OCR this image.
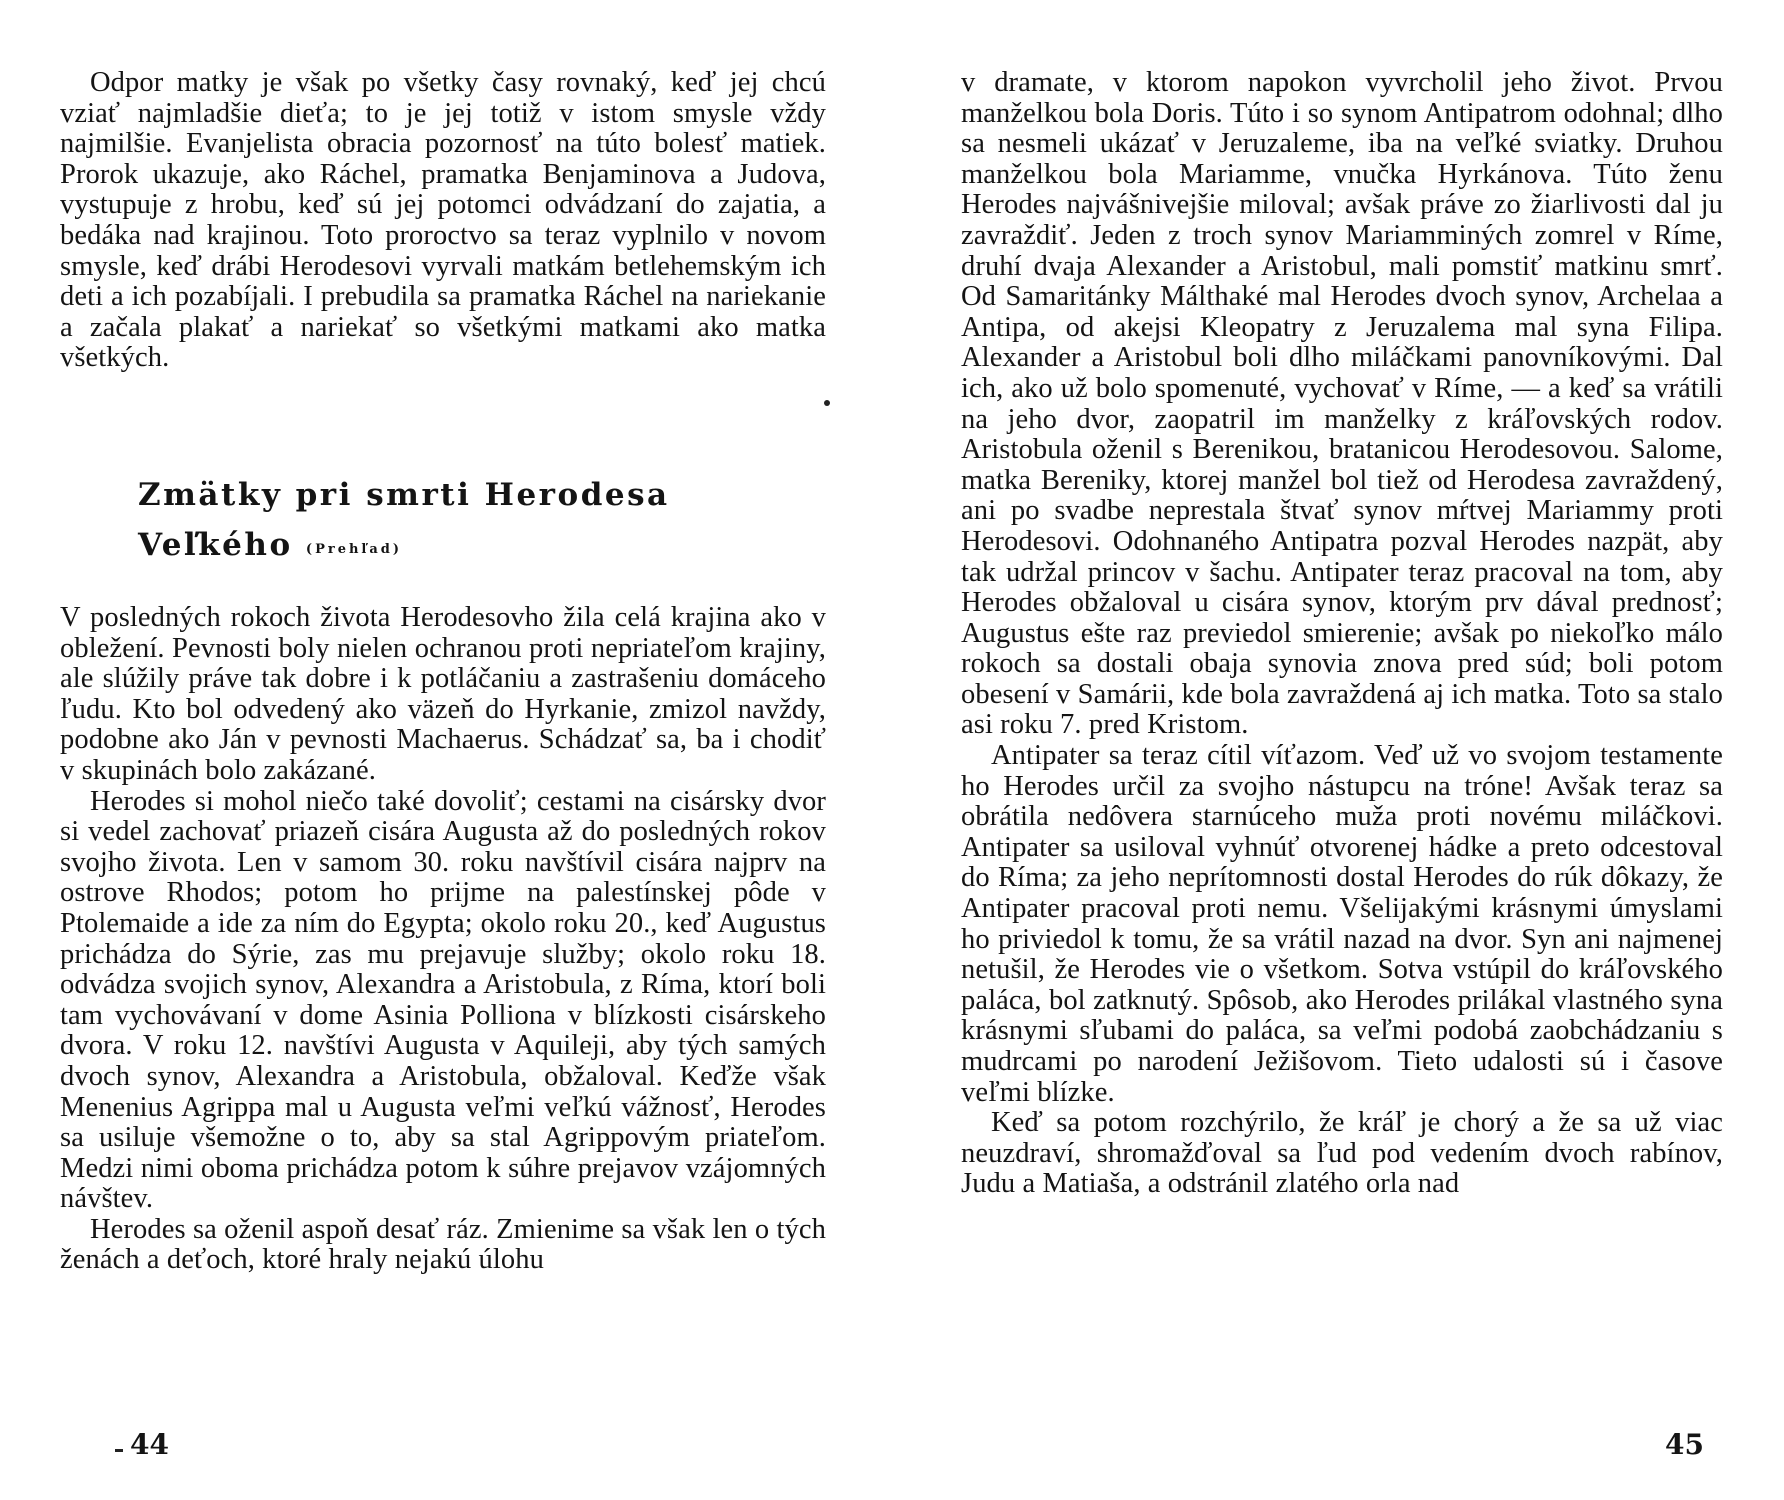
Odpor matky je však po všetky časy rovnaký, keď jej chcú vziať najmladšie dieťa; to je jej totiž v istom smysle vždy najmilšie. Evanjelista obracia pozornosť na túto bolesť matiek. Prorok ukazuje, ako Ráchel, pramatka Benjaminova a Judova, vystupuje z hrobu, keď sú jej potomci odvádzaní do zajatia, a bedáka nad krajinou. Toto proroctvo sa teraz vyplnilo v novom smysle, keď drábi Herodesovi vyrvali matkám betlehemským ich deti a ich pozabíjali. I prebudila sa pramatka Ráchel na nariekanie a začala plakať a nariekať so všetkými matkami ako matka všetkých.

Zmätky pri smrti Herodesa
Veľkého (Prehľad)

V posledných rokoch života Herodesovho žila celá krajina ako v obležení. Pevnosti boly nielen ochranou proti nepriateľom krajiny, ale slúžily práve tak dobre i k potláčaniu a zastrašeniu domáceho ľudu. Kto bol odvedený ako väzeň do Hyrkanie, zmizol navždy, podobne ako Ján v pevnosti Machaerus. Schádzať sa, ba i chodiť v skupinách bolo zakázané.

Herodes si mohol niečo také dovoliť; cestami na cisársky dvor si vedel zachovať priazeň cisára Augusta až do posledných rokov svojho života. Len v samom 30. roku navštívil cisára najprv na ostrove Rhodos; potom ho prijme na palestínskej pôde v Ptolemaide a ide za ním do Egypta; okolo roku 20., keď Augustus prichádza do Sýrie, zas mu prejavuje služby; okolo roku 18. odvádza svojich synov, Alexandra a Aristobula, z Ríma, ktorí boli tam vychovávaní v dome Asinia Polliona v blízkosti cisárskeho dvora. V roku 12. navštívi Augusta v Aquileji, aby tých samých dvoch synov, Alexandra a Aristobula, obžaloval. Keďže však Menenius Agrippa mal u Augusta veľmi veľkú vážnosť, Herodes sa usiluje všemožne o to, aby sa stal Agrippovým priateľom. Medzi nimi oboma prichádza potom k súhre prejavov vzájomných návštev.

Herodes sa oženil aspoň desať ráz. Zmienime sa však len o tých ženách a deťoch, ktoré hraly nejakú úlohu

44

v dramate, v ktorom napokon vyvrcholil jeho život. Prvou manželkou bola Doris. Túto i so synom Antipatrom odohnal; dlho sa nesmeli ukázať v Jeruzaleme, iba na veľké sviatky. Druhou manželkou bola Mariamme, vnučka Hyrkánova. Túto ženu Herodes najvášnivejšie miloval; avšak práve zo žiarlivosti dal ju zavraždiť. Jeden z troch synov Mariamminých zomrel v Ríme, druhí dvaja Alexander a Aristobul, mali pomstiť matkinu smrť. Od Samaritánky Málthaké mal Herodes dvoch synov, Archelaa a Antipa, od akejsi Kleopatry z Jeruzalema mal syna Filipa. Alexander a Aristobul boli dlho miláčkami panovníkovými. Dal ich, ako už bolo spomenuté, vychovať v Ríme, — a keď sa vrátili na jeho dvor, zaopatril im manželky z kráľovských rodov. Aristobula oženil s Berenikou, bratanicou Herodesovou. Salome, matka Bereniky, ktorej manžel bol tiež od Herodesa zavraždený, ani po svadbe neprestala štvať synov mŕtvej Mariammy proti Herodesovi. Odohnaného Antipatra pozval Herodes nazpät, aby tak udržal princov v šachu. Antipater teraz pracoval na tom, aby Herodes obžaloval u cisára synov, ktorým prv dával prednosť; Augustus ešte raz previedol smierenie; avšak po niekoľko málo rokoch sa dostali obaja synovia znova pred súd; boli potom obesení v Samárii, kde bola zavraždená aj ich matka. Toto sa stalo asi roku 7. pred Kristom.

Antipater sa teraz cítil víťazom. Veď už vo svojom testamente ho Herodes určil za svojho nástupcu na tróne! Avšak teraz sa obrátila nedôvera starnúceho muža proti novému miláčkovi. Antipater sa usiloval vyhnúť otvorenej hádke a preto odcestoval do Ríma; za jeho neprítomnosti dostal Herodes do rúk dôkazy, že Antipater pracoval proti nemu. Všelijakými krásnymi úmyslami ho priviedol k tomu, že sa vrátil nazad na dvor. Syn ani najmenej netušil, že Herodes vie o všetkom. Sotva vstúpil do kráľovského paláca, bol zatknutý. Spôsob, ako Herodes prilákal vlastného syna krásnymi sľubami do paláca, sa veľmi podobá zaobchádzaniu s mudrcami po narodení Ježišovom. Tieto udalosti sú i časove veľmi blízke.

Keď sa potom rozchýrilo, že kráľ je chorý a že sa už viac neuzdraví, shromažďoval sa ľud pod vedením dvoch rabínov, Judu a Matiaša, a odstránil zlatého orla nad

45
